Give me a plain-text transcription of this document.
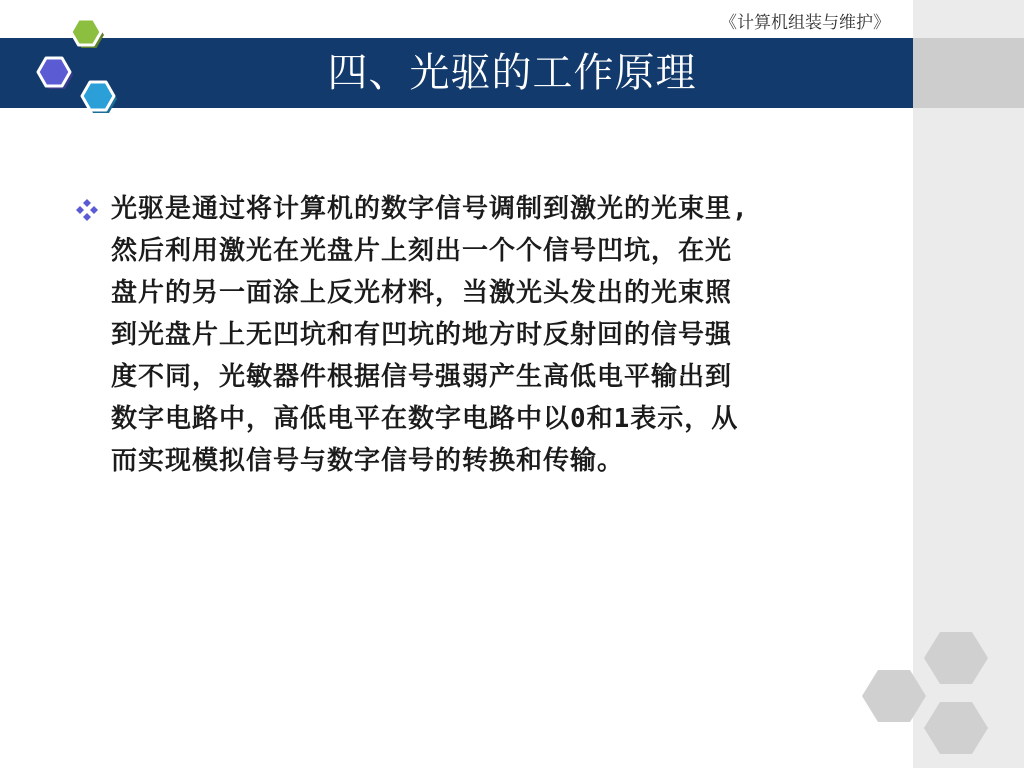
《计算机组装与维护》
四、光驱的工作原理
光驱是通过将计算机的数字信号调制到激光的光束里,
然后利用激光在光盘片上刻出一个个信号凹坑，在光
盘片的另一面涂上反光材料，当激光头发出的光束照
到光盘片上无凹坑和有凹坑的地方时反射回的信号强
度不同，光敏器件根据信号强弱产生高低电平输出到
数字电路中，高低电平在数字电路中以0和1表示，从
而实现模拟信号与数字信号的转换和传输。
